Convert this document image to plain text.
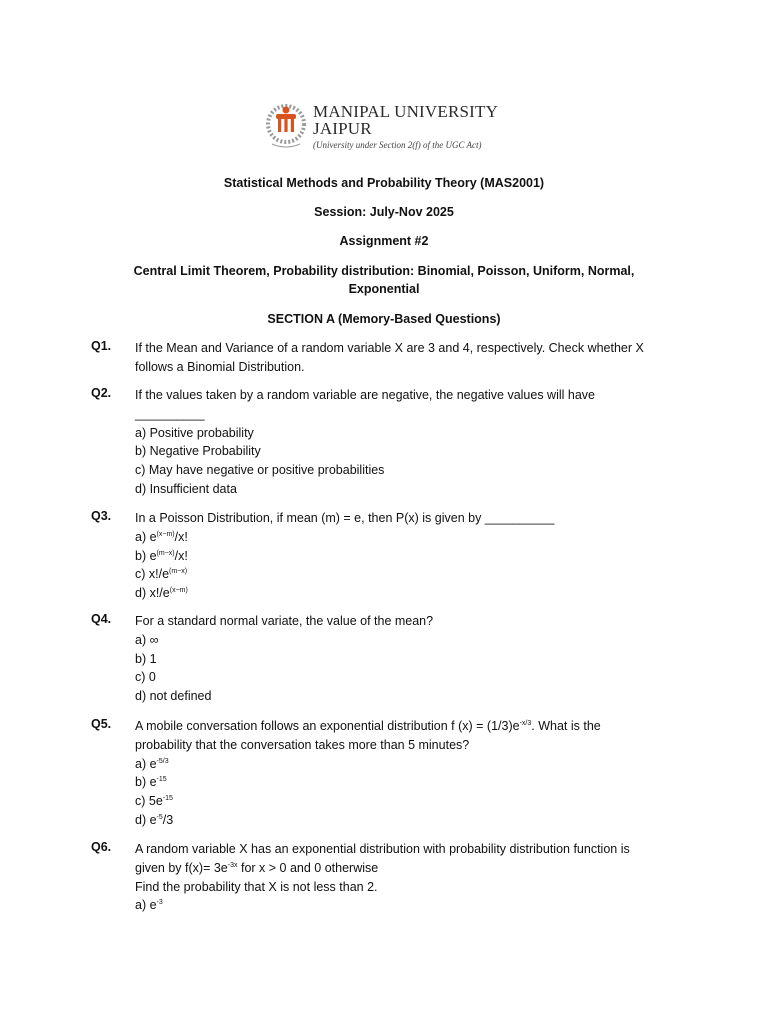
MANIPAL UNIVERSITY
JAIPUR
(University under Section 2(f) of the UGC Act)
Statistical Methods and Probability Theory (MAS2001)
Session: July-Nov 2025
Assignment #2
Central Limit Theorem, Probability distribution: Binomial, Poisson, Uniform, Normal,
Exponential
SECTION A (Memory-Based Questions)
Q1. If the Mean and Variance of a random variable X are 3 and 4, respectively. Check whether X
follows a Binomial Distribution.
Q2. If the values taken by a random variable are negative, the negative values will have
__________
a) Positive probability
b) Negative Probability
c) May have negative or positive probabilities
d) Insufficient data
Q3. In a Poisson Distribution, if mean (m) = e, then P(x) is given by __________
a) $e^{(x-m)}/x$!
b) $e^{(m-x)}/x$!
c) $x!/e^{(m-x)}$
d) $x!/e^{(x-m)}$
Q4. For a standard normal variate, the value of the mean?
a) ∞
b) 1
c) 0
d) not defined
Q5. A mobile conversation follows an exponential distribution f $(x) = (1/3)e^{-x/3}$. What is the
probability that the conversation takes more than 5 minutes?
a) $e^{-5/3}$
b) $e^{-15}$
c) $5e^{-15}$
d) $e^{-5}/3$
Q6. A random variable X has an exponential distribution with probability distribution function is
given by $f(x)= 3e^{-3x}$ for x > 0 and 0 otherwise
Find the probability that X is not less than 2.
a) $e^{-3}$
